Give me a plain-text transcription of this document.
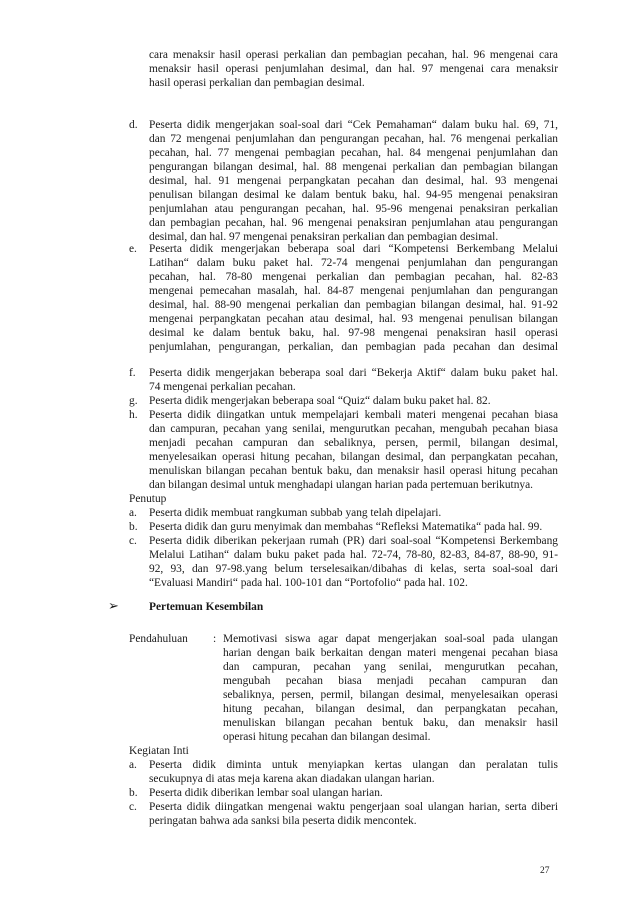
cara menaksir hasil operasi perkalian dan pembagian pecahan, hal. 96 mengenai cara
menaksir hasil operasi penjumlahan desimal, dan hal. 97 mengenai cara menaksir
hasil operasi perkalian dan pembagian desimal.
d. Peserta didik mengerjakan soal-soal dari “Cek Pemahaman“ dalam buku hal. 69, 71,
dan 72 mengenai penjumlahan dan pengurangan pecahan, hal. 76 mengenai perkalian
pecahan, hal. 77 mengenai pembagian pecahan, hal. 84 mengenai penjumlahan dan
pengurangan bilangan desimal, hal. 88 mengenai perkalian dan pembagian bilangan
desimal, hal. 91 mengenai perpangkatan pecahan dan desimal, hal. 93 mengenai
penulisan bilangan desimal ke dalam bentuk baku, hal. 94-95 mengenai penaksiran
penjumlahan atau pengurangan pecahan, hal. 95-96 mengenai penaksiran perkalian
dan pembagian pecahan, hal. 96 mengenai penaksiran penjumlahan atau pengurangan
desimal, dan hal. 97 mengenai penaksiran perkalian dan pembagian desimal.
e. Peserta didik mengerjakan beberapa soal dari “Kompetensi Berkembang Melalui
Latihan“ dalam buku paket hal. 72-74 mengenai penjumlahan dan pengurangan
pecahan, hal. 78-80 mengenai perkalian dan pembagian pecahan, hal. 82-83
mengenai pemecahan masalah, hal. 84-87 mengenai penjumlahan dan pengurangan
desimal, hal. 88-90 mengenai perkalian dan pembagian bilangan desimal, hal. 91-92
mengenai perpangkatan pecahan atau desimal, hal. 93 mengenai penulisan bilangan
desimal ke dalam bentuk baku, hal. 97-98 mengenai penaksiran hasil operasi
penjumlahan, pengurangan, perkalian, dan pembagian pada pecahan dan desimal
f. Peserta didik mengerjakan beberapa soal dari “Bekerja Aktif“ dalam buku paket hal.
74 mengenai perkalian pecahan.
g. Peserta didik mengerjakan beberapa soal “Quiz“ dalam buku paket hal. 82.
h. Peserta didik diingatkan untuk mempelajari kembali materi mengenai pecahan biasa
dan campuran, pecahan yang senilai, mengurutkan pecahan, mengubah pecahan biasa
menjadi pecahan campuran dan sebaliknya, persen, permil, bilangan desimal,
menyelesaikan operasi hitung pecahan, bilangan desimal, dan perpangkatan pecahan,
menuliskan bilangan pecahan bentuk baku, dan menaksir hasil operasi hitung pecahan
dan bilangan desimal untuk menghadapi ulangan harian pada pertemuan berikutnya.
Penutup
a. Peserta didik membuat rangkuman subbab yang telah dipelajari.
b. Peserta didik dan guru menyimak dan membahas “Refleksi Matematika“ pada hal. 99.
c. Peserta didik diberikan pekerjaan rumah (PR) dari soal-soal “Kompetensi Berkembang
Melalui Latihan“ dalam buku paket pada hal. 72-74, 78-80, 82-83, 84-87, 88-90, 91-
92, 93, dan 97-98.yang belum terselesaikan/dibahas di kelas, serta soal-soal dari
“Evaluasi Mandiri“ pada hal. 100-101 dan “Portofolio“ pada hal. 102.
➢	Pertemuan Kesembilan
Pendahuluan : Memotivasi siswa agar dapat mengerjakan soal-soal pada ulangan
harian dengan baik berkaitan dengan materi mengenai pecahan biasa
dan campuran, pecahan yang senilai, mengurutkan pecahan,
mengubah pecahan biasa menjadi pecahan campuran dan
sebaliknya, persen, permil, bilangan desimal, menyelesaikan operasi
hitung pecahan, bilangan desimal, dan perpangkatan pecahan,
menuliskan bilangan pecahan bentuk baku, dan menaksir hasil
operasi hitung pecahan dan bilangan desimal.
Kegiatan Inti
a. Peserta didik diminta untuk menyiapkan kertas ulangan dan peralatan tulis
secukupnya di atas meja karena akan diadakan ulangan harian.
b. Peserta didik diberikan lembar soal ulangan harian.
c. Peserta didik diingatkan mengenai waktu pengerjaan soal ulangan harian, serta diberi
peringatan bahwa ada sanksi bila peserta didik mencontek.
27
